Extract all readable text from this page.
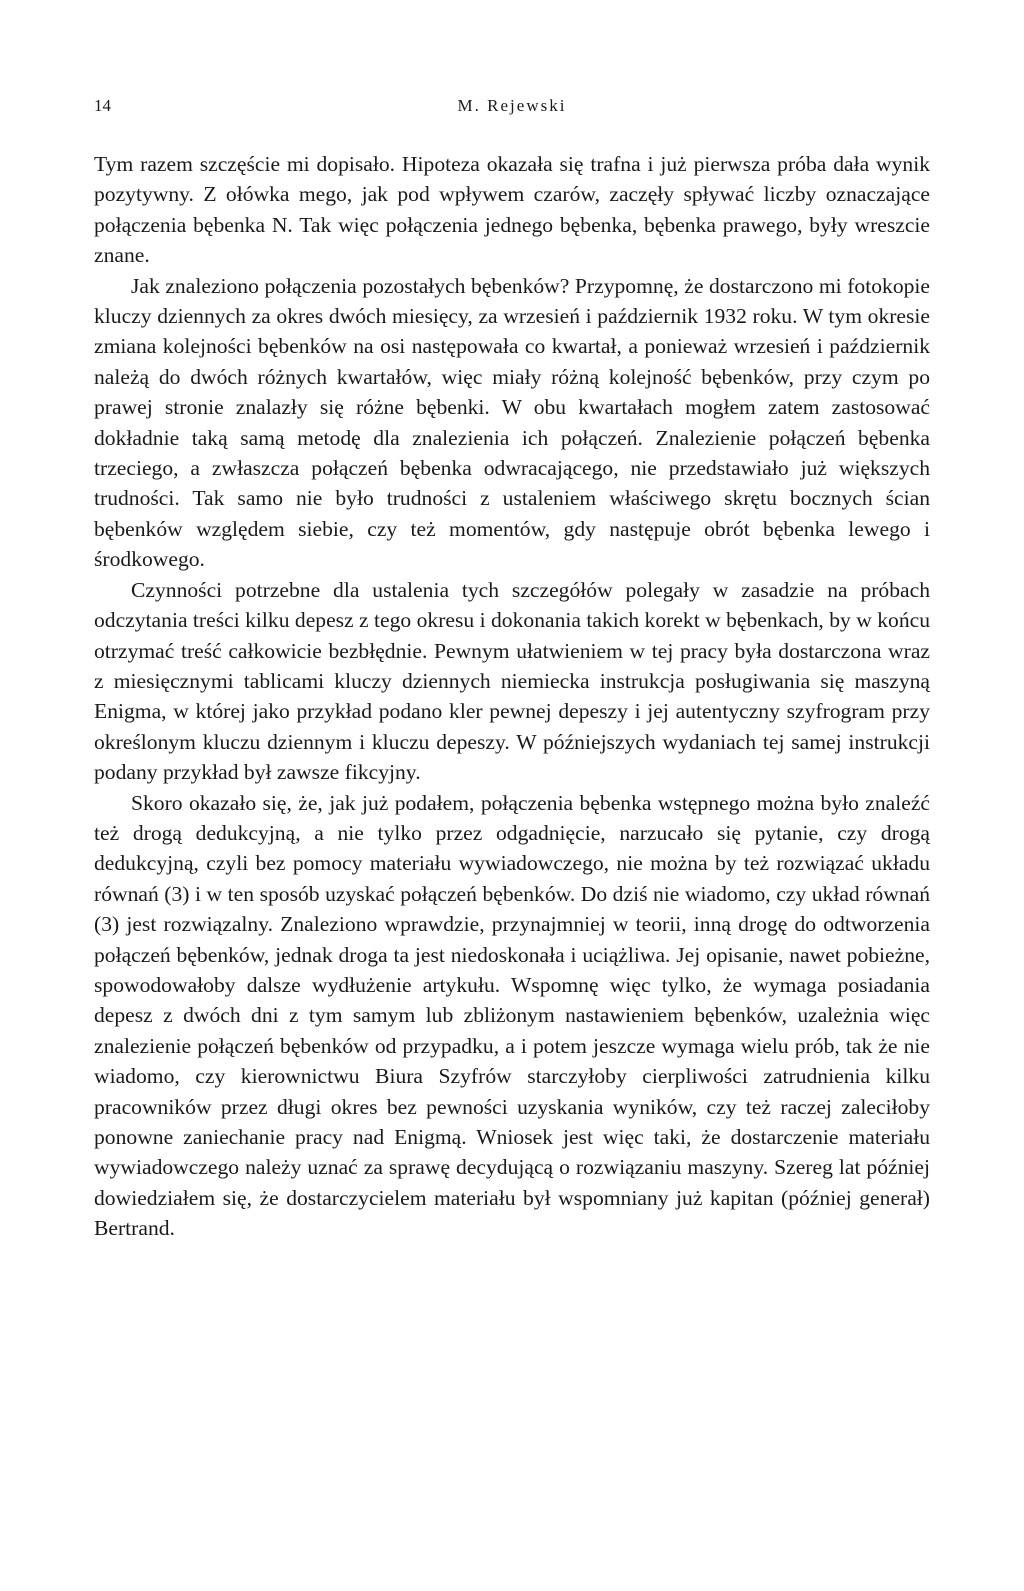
14	M. Rejewski

Tym razem szczęście mi dopisało. Hipoteza okazała się trafna i już pierwsza próba dała wynik pozytywny. Z ołówka mego, jak pod wpływem czarów, zaczęły spływać liczby oznaczające połączenia bębenka N. Tak więc połączenia jednego bębenka, bębenka prawego, były wreszcie znane.

Jak znaleziono połączenia pozostałych bębenków? Przypomnę, że dostarczono mi fotokopie kluczy dziennych za okres dwóch miesięcy, za wrzesień i październik 1932 roku. W tym okresie zmiana kolejności bębenków na osi następowała co kwartał, a ponieważ wrzesień i październik należą do dwóch różnych kwartałów, więc miały różną kolejność bębenków, przy czym po prawej stronie znalazły się różne bębenki. W obu kwartałach mogłem zatem zastosować dokładnie taką samą metodę dla znalezienia ich połączeń. Znalezienie połączeń bębenka trzeciego, a zwłaszcza połączeń bębenka odwracającego, nie przedstawiało już większych trudności. Tak samo nie było trudności z ustaleniem właściwego skrętu bocznych ścian bębenków względem siebie, czy też momentów, gdy następuje obrót bębenka lewego i środkowego.

Czynności potrzebne dla ustalenia tych szczegółów polegały w zasadzie na próbach odczytania treści kilku depesz z tego okresu i dokonania takich korekt w bębenkach, by w końcu otrzymać treść całkowicie bezbłędnie. Pewnym ułatwieniem w tej pracy była dostarczona wraz z miesięcznymi tablicami kluczy dziennych niemiecka instrukcja posługiwania się maszyną Enigma, w której jako przykład podano kler pewnej depeszy i jej autentyczny szyfrogram przy określonym kluczu dziennym i kluczu depeszy. W późniejszych wydaniach tej samej instrukcji podany przykład był zawsze fikcyjny.

Skoro okazało się, że, jak już podałem, połączenia bębenka wstępnego można było znaleźć też drogą dedukcyjną, a nie tylko przez odgadnięcie, narzucało się pytanie, czy drogą dedukcyjną, czyli bez pomocy materiału wywiadowczego, nie można by też rozwiązać układu równań (3) i w ten sposób uzyskać połączeń bębenków. Do dziś nie wiadomo, czy układ równań (3) jest rozwiązalny. Znaleziono wprawdzie, przynajmniej w teorii, inną drogę do odtworzenia połączeń bębenków, jednak droga ta jest niedoskonała i uciążliwa. Jej opisanie, nawet pobieżne, spowodowałoby dalsze wydłużenie artykułu. Wspomnę więc tylko, że wymaga posiadania depesz z dwóch dni z tym samym lub zbliżonym nastawieniem bębenków, uzależnia więc znalezienie połączeń bębenków od przypadku, a i potem jeszcze wymaga wielu prób, tak że nie wiadomo, czy kierownictwu Biura Szyfrów starczyłoby cierpliwości zatrudnienia kilku pracowników przez długi okres bez pewności uzyskania wyników, czy też raczej zaleciłoby ponowne zaniechanie pracy nad Enigmą. Wniosek jest więc taki, że dostarczenie materiału wywiadowczego należy uznać za sprawę decydującą o rozwiązaniu maszyny. Szereg lat później dowiedziałem się, że dostarczycielem materiału był wspomniany już kapitan (później generał) Bertrand.
